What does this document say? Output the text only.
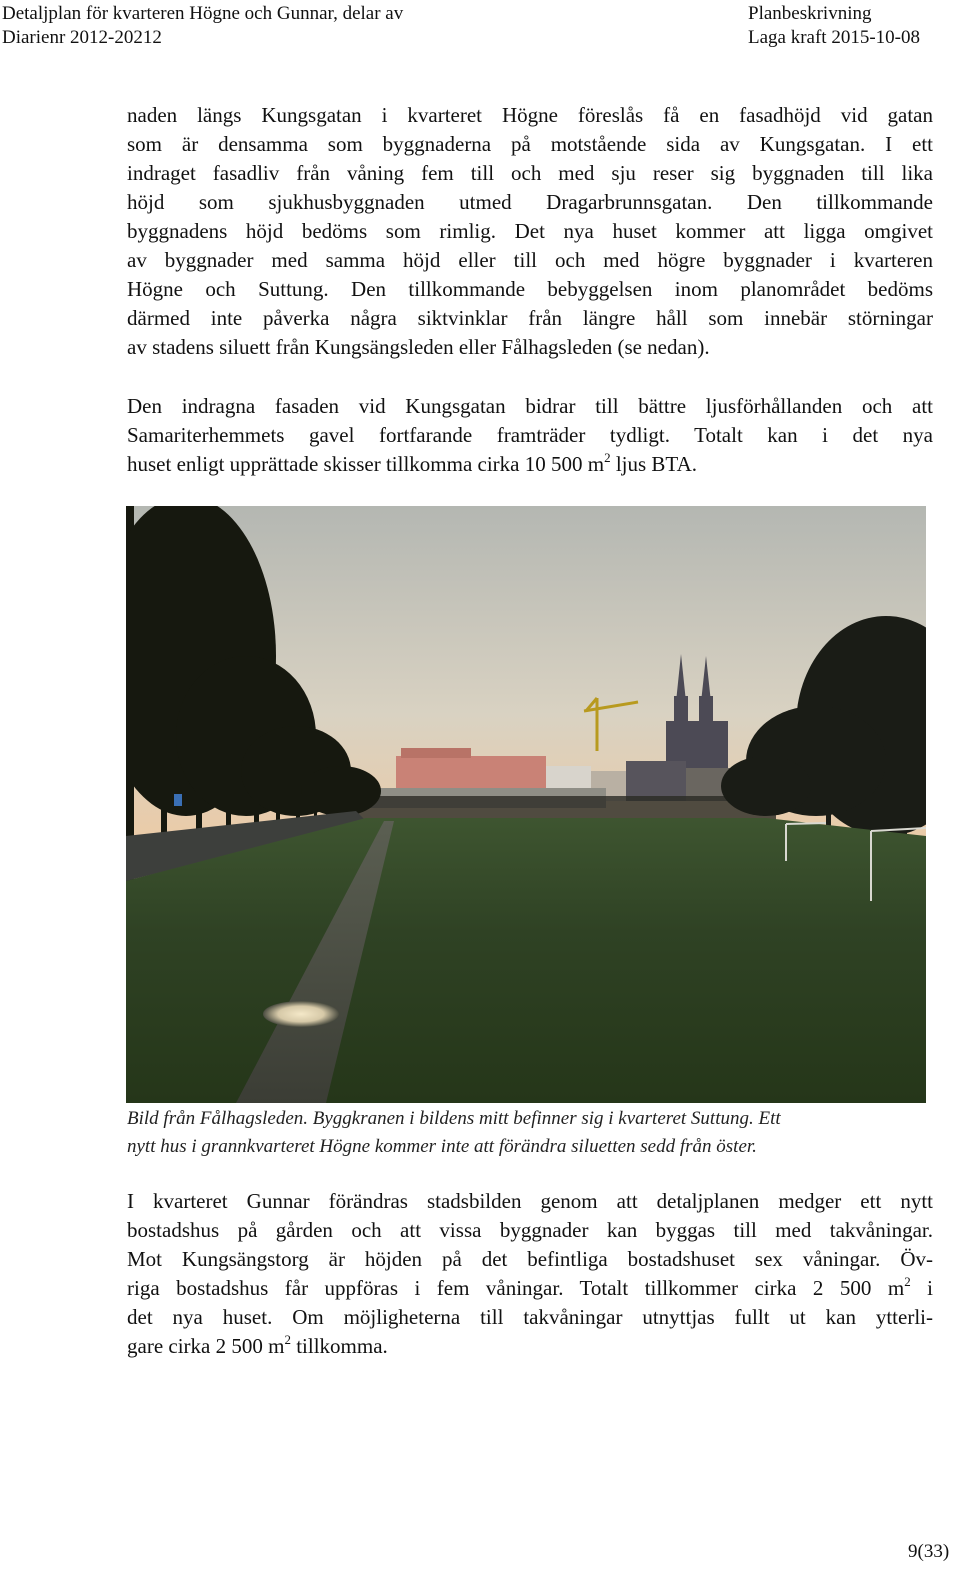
Detaljplan för kvarteren Högne och Gunnar, delar av
Diarienr 2012-20212
Planbeskrivning
Laga kraft 2015-10-08
naden längs Kungsgatan i kvarteret Högne föreslås få en fasadhöjd vid gatan
som är densamma som byggnaderna på motstående sida av Kungsgatan. I ett
indraget fasadliv från våning fem till och med sju reser sig byggnaden till lika
höjd som sjukhusbyggnaden utmed Dragarbrunnsgatan. Den tillkommande
byggnadens höjd bedöms som rimlig. Det nya huset kommer att ligga omgivet
av byggnader med samma höjd eller till och med högre byggnader i kvarteren
Högne och Suttung. Den tillkommande bebyggelsen inom planområdet bedöms
därmed inte påverka några siktvinklar från längre håll som innebär störningar
av stadens siluett från Kungsängsleden eller Fålhagsleden (se nedan).
Den indragna fasaden vid Kungsgatan bidrar till bättre ljusförhållanden och att
Samariterhemmets gavel fortfarande framträder tydligt. Totalt kan i det nya
huset enligt upprättade skisser tillkomma cirka 10 500 $m^2$ ljus BTA.
Bild från Fålhagsleden. Byggkranen i bildens mitt befinner sig i kvarteret Suttung. Ett
nytt hus i grannkvarteret Högne kommer inte att förändra siluetten sedd från öster.
I kvarteret Gunnar förändras stadsbilden genom att detaljplanen medger ett nytt
bostadshus på gården och att vissa byggnader kan byggas till med takvåningar.
Mot Kungsängstorg är höjden på det befintliga bostadshuset sex våningar. Öv-
riga bostadshus får uppföras i fem våningar. Totalt tillkommer cirka 2 500 $m^2$ i
det nya huset. Om möjligheterna till takvåningar utnyttjas fullt ut kan ytterli-
gare cirka 2 500 $m^2$ tillkomma.
9(33)
